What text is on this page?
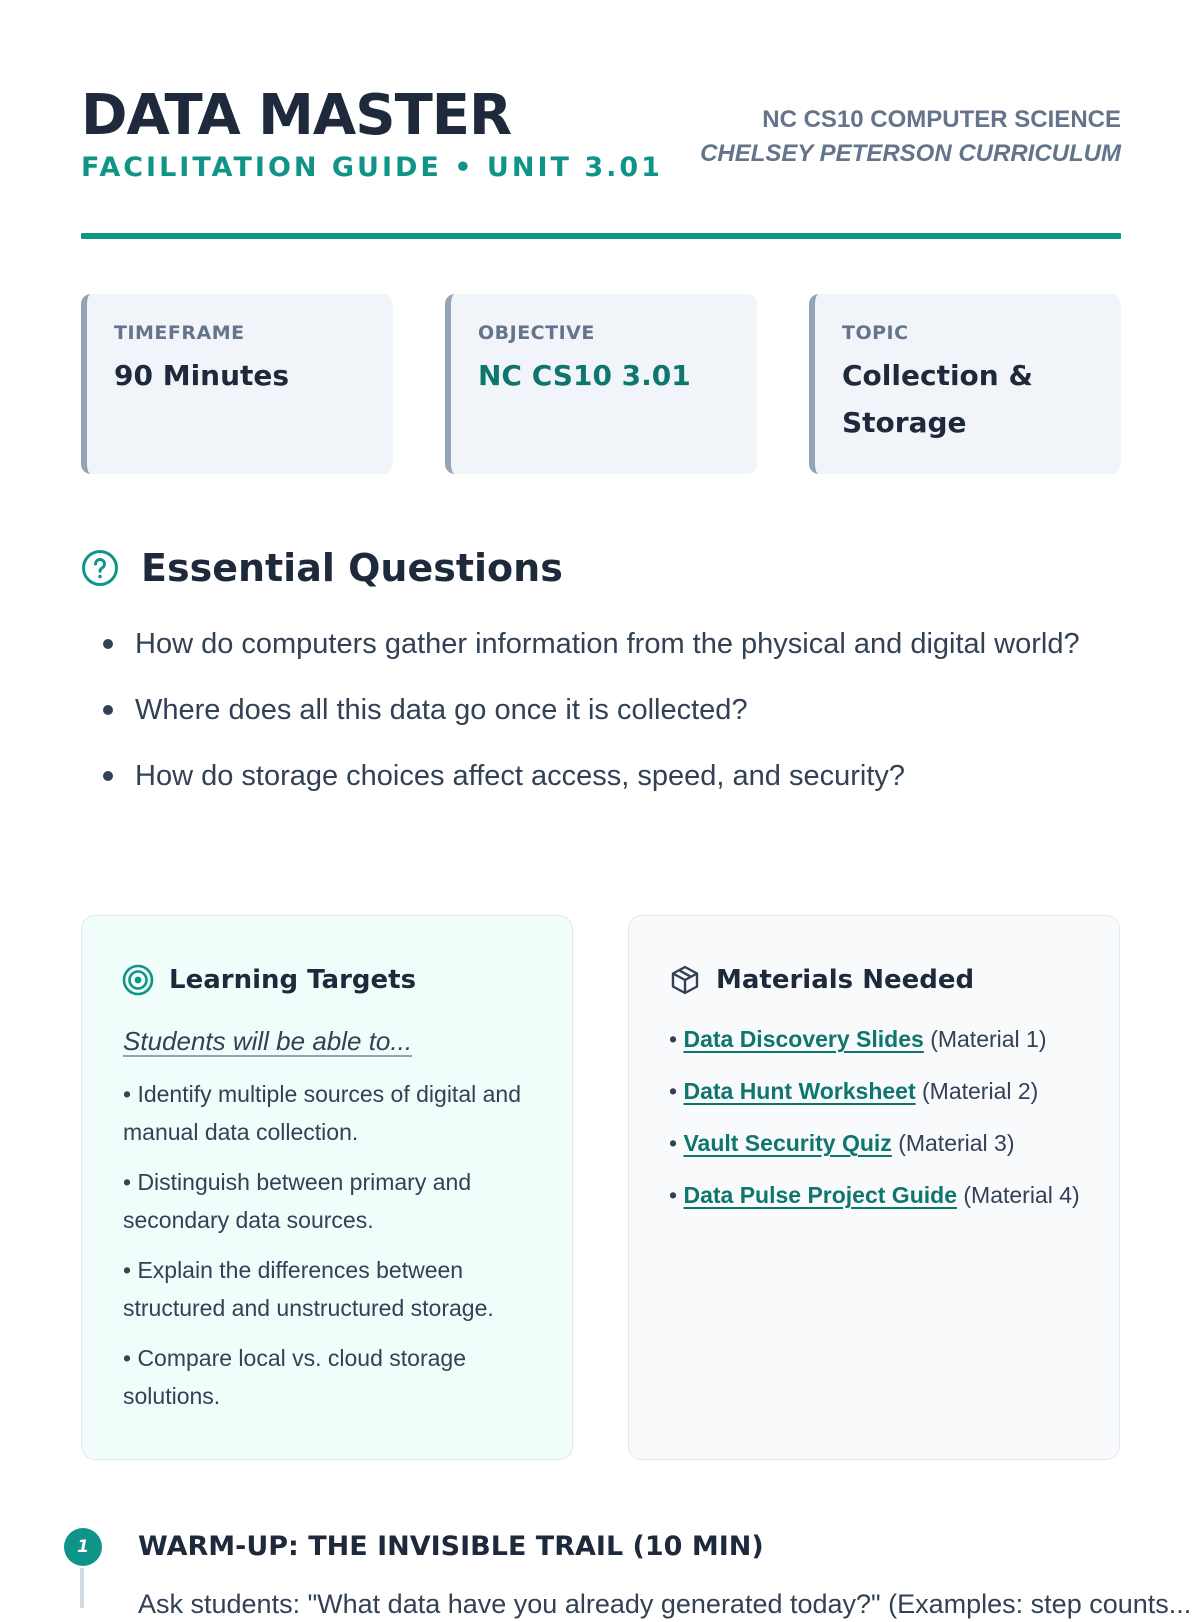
DATA MASTER
FACILITATION GUIDE • UNIT 3.01
NC CS10 COMPUTER SCIENCE
CHELSEY PETERSON CURRICULUM
TIMEFRAME
90 Minutes
OBJECTIVE
NC CS10 3.01
TOPIC
Collection & Storage
Essential Questions
How do computers gather information from the physical and digital world?
Where does all this data go once it is collected?
How do storage choices affect access, speed, and security?
Learning Targets
Students will be able to...
• Identify multiple sources of digital and manual data collection.
• Distinguish between primary and secondary data sources.
• Explain the differences between structured and unstructured storage.
• Compare local vs. cloud storage solutions.
Materials Needed
• Data Discovery Slides (Material 1)
• Data Hunt Worksheet (Material 2)
• Vault Security Quiz (Material 3)
• Data Pulse Project Guide (Material 4)
1	WARM-UP: THE INVISIBLE TRAIL (10 MIN)
Ask students: "What data have you already generated today?" (Examples: step counts...
